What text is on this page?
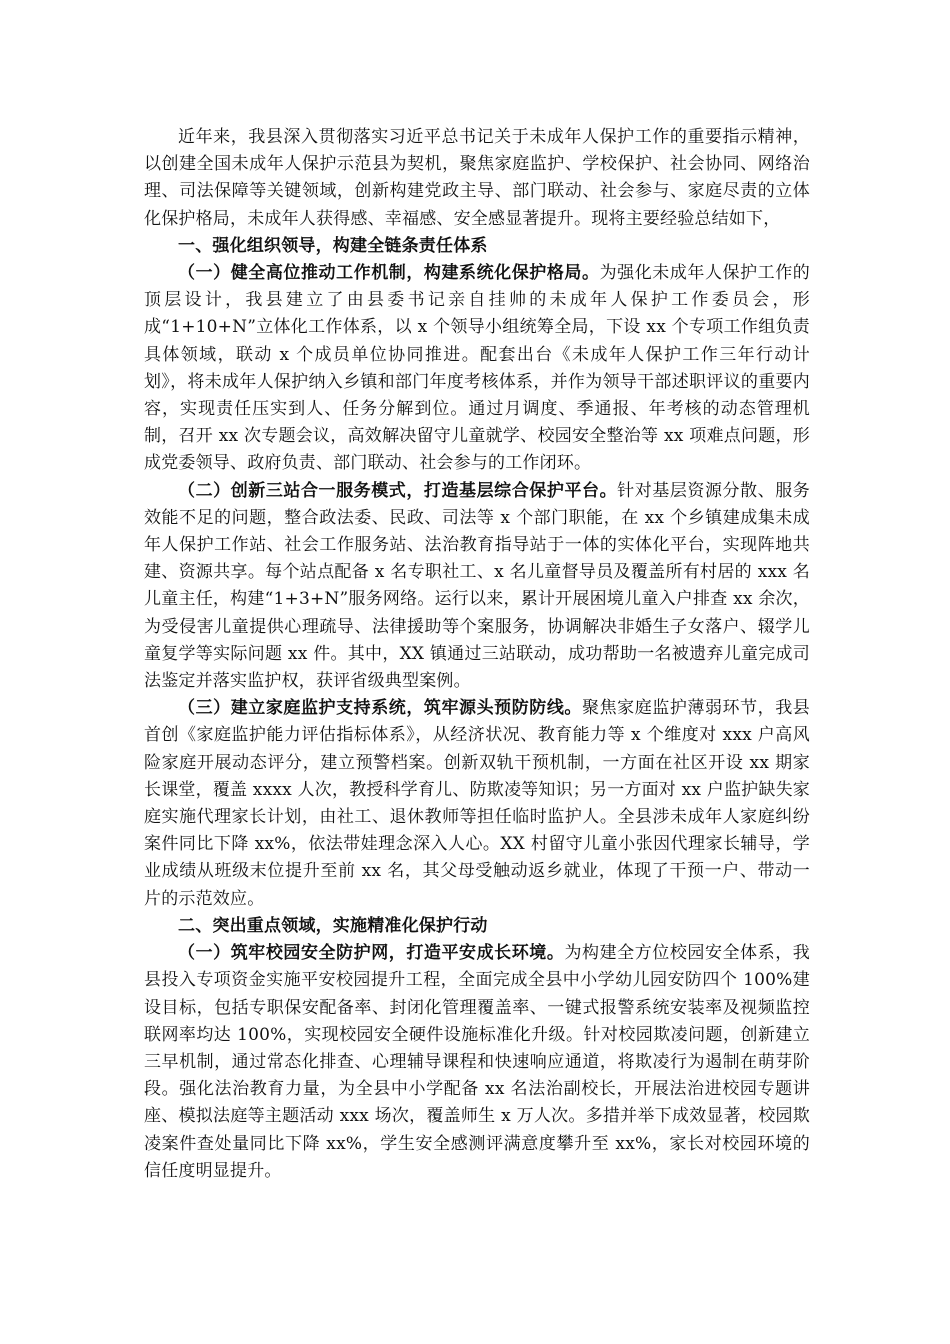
近年来，我县深入贯彻落实习近平总书记关于未成年人保护工作的重要指示精神，以创建全国未成年人保护示范县为契机，聚焦家庭监护、学校保护、社会协同、网络治理、司法保障等关键领域，创新构建党政主导、部门联动、社会参与、家庭尽责的立体化保护格局，未成年人获得感、幸福感、安全感显著提升。现将主要经验总结如下，

一、强化组织领导，构建全链条责任体系

（一）健全高位推动工作机制，构建系统化保护格局。为强化未成年人保护工作的顶层设计，我县建立了由县委书记亲自挂帅的未成年人保护工作委员会，形成“1+10+N”立体化工作体系，以 x 个领导小组统筹全局，下设 xx 个专项工作组负责具体领域，联动 x 个成员单位协同推进。配套出台《未成年人保护工作三年行动计划》，将未成年人保护纳入乡镇和部门年度考核体系，并作为领导干部述职评议的重要内容，实现责任压实到人、任务分解到位。通过月调度、季通报、年考核的动态管理机制，召开 xx 次专题会议，高效解决留守儿童就学、校园安全整治等 xx 项难点问题，形成党委领导、政府负责、部门联动、社会参与的工作闭环。

（二）创新三站合一服务模式，打造基层综合保护平台。针对基层资源分散、服务效能不足的问题，整合政法委、民政、司法等 x 个部门职能，在 xx 个乡镇建成集未成年人保护工作站、社会工作服务站、法治教育指导站于一体的实体化平台，实现阵地共建、资源共享。每个站点配备 x 名专职社工、x 名儿童督导员及覆盖所有村居的 xxx 名儿童主任，构建“1+3+N”服务网络。运行以来，累计开展困境儿童入户排查 xx 余次，为受侵害儿童提供心理疏导、法律援助等个案服务，协调解决非婚生子女落户、辍学儿童复学等实际问题 xx 件。其中，XX 镇通过三站联动，成功帮助一名被遗弃儿童完成司法鉴定并落实监护权，获评省级典型案例。

（三）建立家庭监护支持系统，筑牢源头预防防线。聚焦家庭监护薄弱环节，我县首创《家庭监护能力评估指标体系》，从经济状况、教育能力等 x 个维度对 xxx 户高风险家庭开展动态评分，建立预警档案。创新双轨干预机制，一方面在社区开设 xx 期家长课堂，覆盖 xxxx 人次，教授科学育儿、防欺凌等知识；另一方面对 xx 户监护缺失家庭实施代理家长计划，由社工、退休教师等担任临时监护人。全县涉未成年人家庭纠纷案件同比下降 xx%，依法带娃理念深入人心。XX 村留守儿童小张因代理家长辅导，学业成绩从班级末位提升至前 xx 名，其父母受触动返乡就业，体现了干预一户、带动一片的示范效应。

二、突出重点领域，实施精准化保护行动

（一）筑牢校园安全防护网，打造平安成长环境。为构建全方位校园安全体系，我县投入专项资金实施平安校园提升工程，全面完成全县中小学幼儿园安防四个 100%建设目标，包括专职保安配备率、封闭化管理覆盖率、一键式报警系统安装率及视频监控联网率均达 100%，实现校园安全硬件设施标准化升级。针对校园欺凌问题，创新建立三早机制，通过常态化排查、心理辅导课程和快速响应通道，将欺凌行为遏制在萌芽阶段。强化法治教育力量，为全县中小学配备 xx 名法治副校长，开展法治进校园专题讲座、模拟法庭等主题活动 xxx 场次，覆盖师生 x 万人次。多措并举下成效显著，校园欺凌案件查处量同比下降 xx%，学生安全感测评满意度攀升至 xx%，家长对校园环境的信任度明显提升。
